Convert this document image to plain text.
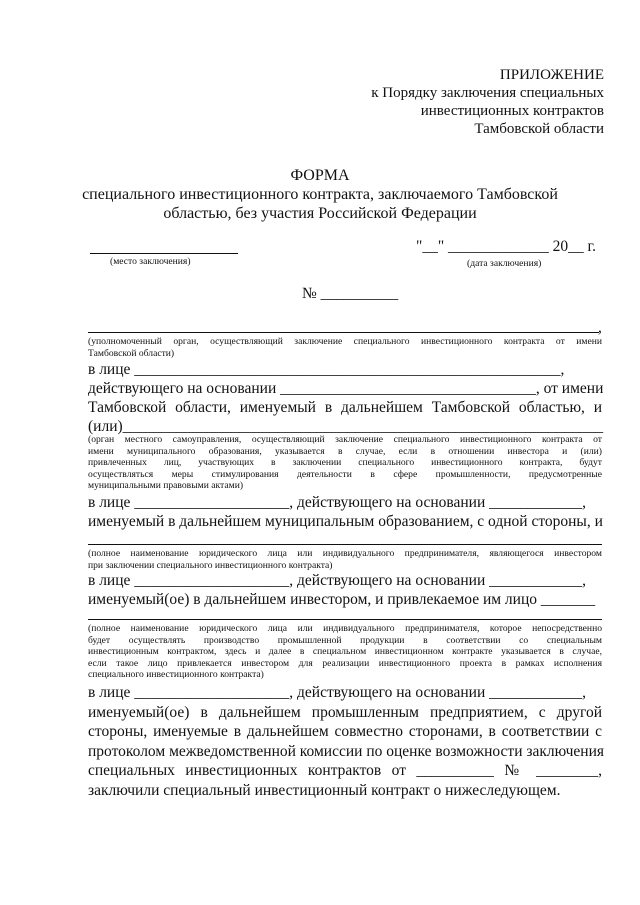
ПРИЛОЖЕНИЕ
к Порядку заключения специальных
инвестиционных контрактов
Тамбовской области
ФОРМА
специального инвестиционного контракта, заключаемого Тамбовской
областью, без участия Российской Федерации
(место заключения)
"__" _____________ 20__ г.
(дата заключения)
№ __________
,
(уполномоченный орган, осуществляющий заключение специального инвестиционного контракта от имени
Тамбовской области)
в лице _______________________________________________________,
действующего на основании _________________________________, от имени
Тамбовской области, именуемый в дальнейшем Тамбовской областью, и
(или)______________________________________________________________
(орган местного самоуправления, осуществляющий заключение специального инвестиционного контракта от
имени муниципального образования, указывается в случае, если в отношении инвестора и (или)
привлеченных лиц, участвующих в заключении специального инвестиционного контракта, будут
осуществляться меры стимулирования деятельности в сфере промышленности, предусмотренные
муниципальными правовыми актами)
в лице ____________________, действующего на основании ____________,
именуемый в дальнейшем муниципальным образованием, с одной стороны, и
(полное наименование юридического лица или индивидуального предпринимателя, являющегося инвестором
при заключении специального инвестиционного контракта)
в лице ____________________, действующего на основании ____________,
именуемый(ое) в дальнейшем инвестором, и привлекаемое им лицо _______
(полное наименование юридического лица или индивидуального предпринимателя, которое непосредственно
будет осуществлять производство промышленной продукции в соответствии со специальным
инвестиционным контрактом, здесь и далее в специальном инвестиционном контракте указывается в случае,
если такое лицо привлекается инвестором для реализации инвестиционного проекта в рамках исполнения
специального инвестиционного контракта)
в лице ____________________, действующего на основании ____________,
именуемый(ое) в дальнейшем промышленным предприятием, с другой
стороны, именуемые в дальнейшем совместно сторонами, в соответствии с
протоколом межведомственной комиссии по оценке возможности заключения
специальных инвестиционных контрактов от __________ № ________,
заключили специальный инвестиционный контракт о нижеследующем.
